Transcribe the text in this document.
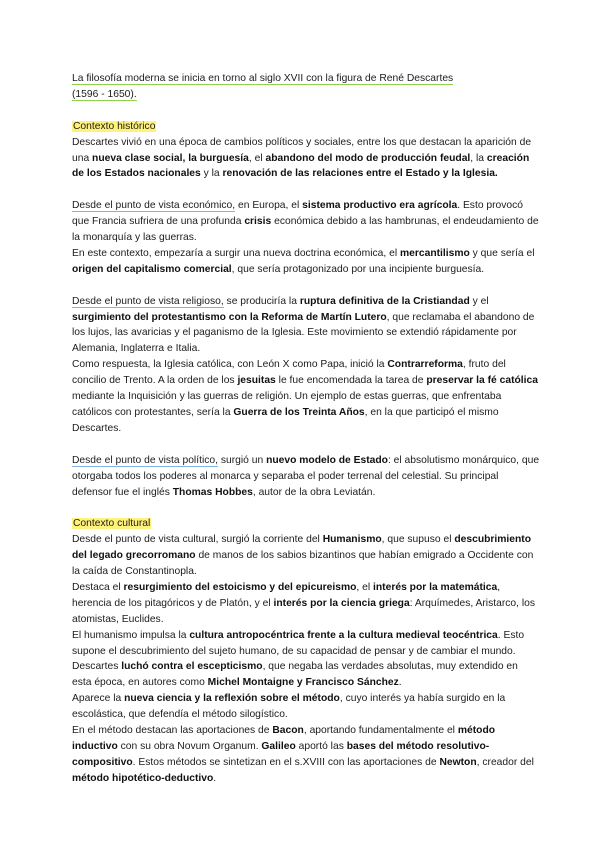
La filosofía moderna se inicia en torno al siglo XVII con la figura de René Descartes
(1596 - 1650).

Contexto histórico

Descartes vivió en una época de cambios políticos y sociales, entre los que destacan la aparición de una nueva clase social, la burguesía, el abandono del modo de producción feudal, la creación de los Estados nacionales y la renovación de las relaciones entre el Estado y la Iglesia.

Desde el punto de vista económico, en Europa, el sistema productivo era agrícola. Esto provocó que Francia sufriera de una profunda crisis económica debido a las hambrunas, el endeudamiento de la monarquía y las guerras.

En este contexto, empezaría a surgir una nueva doctrina económica, el mercantilismo y que sería el origen del capitalismo comercial, que sería protagonizado por una incipiente burguesía.

Desde el punto de vista religioso, se produciría la ruptura definitiva de la Cristiandad y el surgimiento del protestantismo con la Reforma de Martín Lutero, que reclamaba el abandono de los lujos, las avaricias y el paganismo de la Iglesia. Este movimiento se extendió rápidamente por Alemania, Inglaterra e Italia.

Como respuesta, la Iglesia católica, con León X como Papa, inició la Contrarreforma, fruto del concilio de Trento. A la orden de los jesuitas le fue encomendada la tarea de preservar la fé católica mediante la Inquisición y las guerras de religión. Un ejemplo de estas guerras, que enfrentaba católicos con protestantes, sería la Guerra de los Treinta Años, en la que participó el mismo Descartes.

Desde el punto de vista político, surgió un nuevo modelo de Estado: el absolutismo monárquico, que otorgaba todos los poderes al monarca y separaba el poder terrenal del celestial. Su principal defensor fue el inglés Thomas Hobbes, autor de la obra Leviatán.

Contexto cultural

Desde el punto de vista cultural, surgió la corriente del Humanismo, que supuso el descubrimiento del legado grecorromano de manos de los sabios bizantinos que habían emigrado a Occidente con la caída de Constantinopla.

Destaca el resurgimiento del estoicismo y del epicureismo, el interés por la matemática, herencia de los pitagóricos y de Platón, y el interés por la ciencia griega: Arquímedes, Aristarco, los atomistas, Euclides.

El humanismo impulsa la cultura antropocéntrica frente a la cultura medieval teocéntrica. Esto supone el descubrimiento del sujeto humano, de su capacidad de pensar y de cambiar el mundo.

Descartes luchó contra el escepticismo, que negaba las verdades absolutas, muy extendido en esta época, en autores como Michel Montaigne y Francisco Sánchez.

Aparece la nueva ciencia y la reflexión sobre el método, cuyo interés ya había surgido en la escolástica, que defendía el método silogístico.

En el método destacan las aportaciones de Bacon, aportando fundamentalmente el método inductivo con su obra Novum Organum. Galileo aportó las bases del método resolutivo-compositivo. Estos métodos se sintetizan en el s.XVIII con las aportaciones de Newton, creador del método hipotético-deductivo.
